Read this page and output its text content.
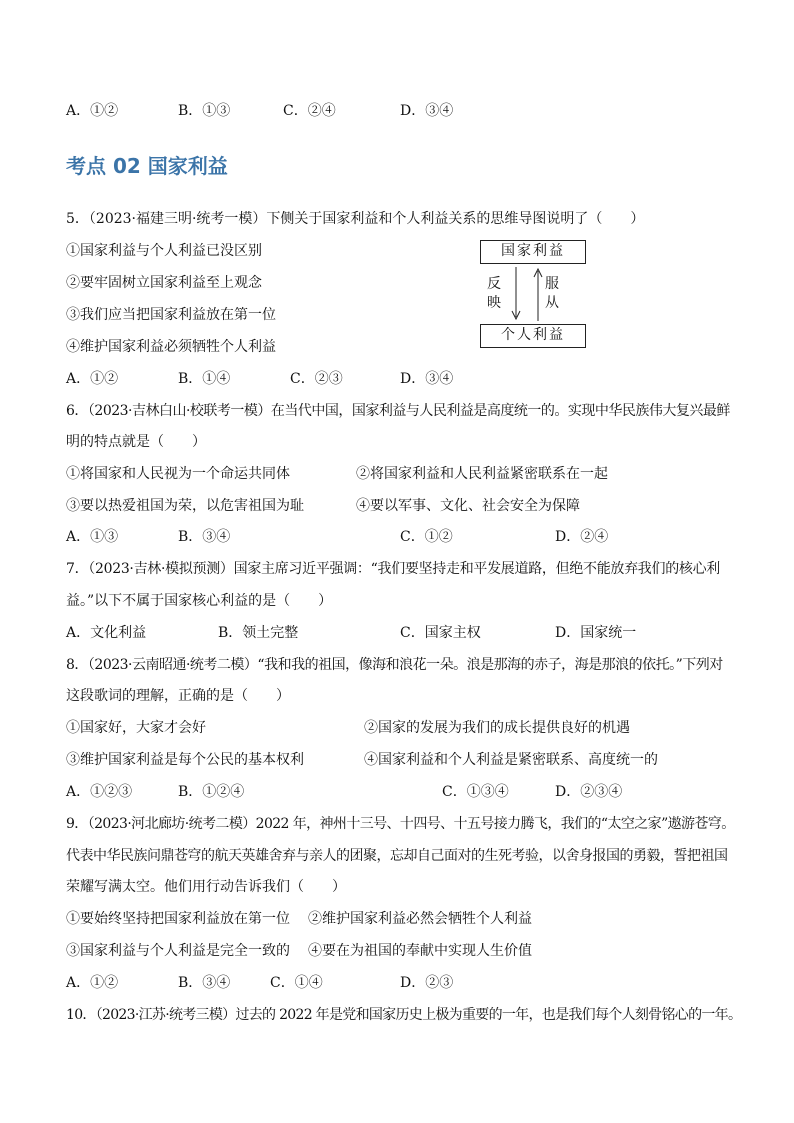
A．①②	B．①③	C．②④	D．③④
考点 02 国家利益
5．（2023·福建三明·统考一模）下侧关于国家利益和个人利益关系的思维导图说明了（　　）
①国家利益与个人利益已没区别
②要牢固树立国家利益至上观念
③我们应当把国家利益放在第一位
④维护国家利益必须牺牲个人利益
国家利益
个人利益
反映
服从
A．①②	B．①④	C．②③	D．③④
6．（2023·吉林白山·校联考一模）在当代中国，国家利益与人民利益是高度统一的。实现中华民族伟大复兴最鲜
明的特点就是（　　）
①将国家和人民视为一个命运共同体	②将国家利益和人民利益紧密联系在一起
③要以热爱祖国为荣，以危害祖国为耻	④要以军事、文化、社会安全为保障
A．①③	B．③④	C．①②	D．②④
7．（2023·吉林·模拟预测）国家主席习近平强调：“我们要坚持走和平发展道路，但绝不能放弃我们的核心利
益。”以下不属于国家核心利益的是（　　）
A．文化利益	B．领土完整	C．国家主权	D．国家统一
8．（2023·云南昭通·统考二模）“我和我的祖国，像海和浪花一朵。浪是那海的赤子，海是那浪的依托。”下列对
这段歌词的理解，正确的是（　　）
①国家好，大家才会好	②国家的发展为我们的成长提供良好的机遇
③维护国家利益是每个公民的基本权利	④国家利益和个人利益是紧密联系、高度统一的
A．①②③	B．①②④	C．①③④	D．②③④
9．（2023·河北廊坊·统考二模）2022 年，神州十三号、十四号、十五号接力腾飞，我们的“太空之家”遨游苍穹。
代表中华民族问鼎苍穹的航天英雄舍弃与亲人的团聚，忘却自己面对的生死考验，以舍身报国的勇毅，誓把祖国
荣耀写满太空。他们用行动告诉我们（　　）
①要始终坚持把国家利益放在第一位 ②维护国家利益必然会牺牲个人利益
③国家利益与个人利益是完全一致的 ④要在为祖国的奉献中实现人生价值
A．①②	B．③④	C．①④	D．②③
10．（2023·江苏·统考三模）过去的 2022 年是党和国家历史上极为重要的一年，也是我们每个人刻骨铭心的一年。
